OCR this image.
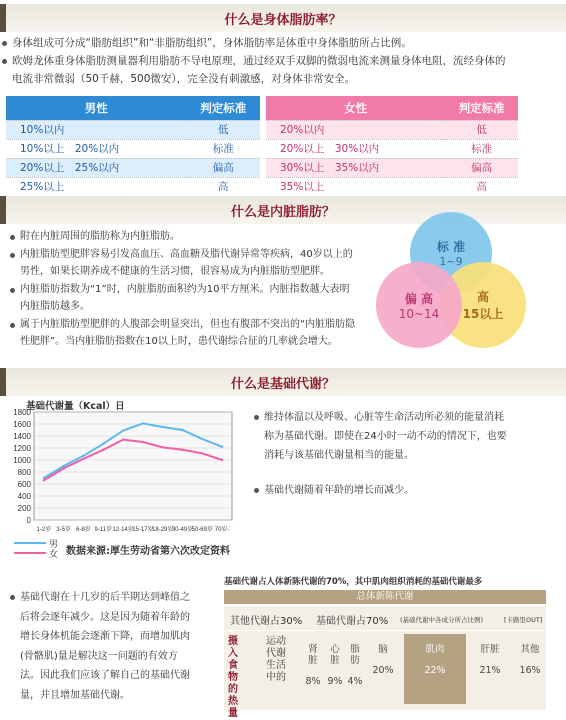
什么是身体脂肪率？
身体组成可分成“脂肪组织”和“非脂肪组织”，身体脂肪率是体重中身体脂肪所占比例。
欧姆龙体重身体脂肪测量器利用脂肪不导电原理，通过经双手双脚的微弱电流来测量身体电阻，流经身体的
电流非常微弱（50千赫，500微安），完全没有刺激感，对身体非常安全。
男性	判定标准
10%以内	低
10%以上　20%以内	标准
20%以上　25%以内	偏高
25%以上	高
女性	判定标准
20%以内	低
20%以上　30%以内	标准
30%以上　35%以内	偏高
35%以上	高
什么是内脏脂肪？
附在内脏周围的脂肪称为内脏脂肪。
内脏脂肪型肥胖容易引发高血压、高血糖及脂代谢异常等疾病，40岁以上的
男性，如果长期养成不健康的生活习惯，很容易成为内脏脂肪型肥胖。
内脏脂肪指数为“1”时，内脏脂肪面积约为10平方厘米。内脏指数越大表明
内脏脂肪越多。
属于内脏脂肪型肥胖的人腹部会明显突出，但也有腹部不突出的“内脏脂肪隐
性肥胖”。当内脏脂肪指数在10以上时，患代谢综合征的几率就会增大。
标 准
1~9
高
15以上
偏 高
10~14
什么是基础代谢？
基础代谢量（Kcal）日
0
200
400
600
800
1000
1200
1400
1600
1800
1-2岁 3-5岁 6-8岁 9-11岁 12-14岁
15-17岁
18-29岁
30-49岁
50-69岁 70岁-
男
女 数据来源:厚生劳动省第六次改定资料
维持体温以及呼吸、心脏等生命活动所必须的能量消耗
称为基础代谢。即使在24小时一动不动的情况下，也要
消耗与该基础代谢量相当的能量。
基础代谢随着年龄的增长而减少。
基础代谢在十几岁的后半期达到峰值之
后将会逐年减少。这是因为随着年龄的
增长身体机能会逐渐下降，而增加肌肉
(骨骼肌)量是解决这一问题的有效方
法。因此我们应该了解自己的基础代谢
量，并且增加基础代谢。
基础代谢占人体新陈代谢的70%，其中肌肉组织消耗的基础代谢最多
总体新陈代谢
其他代谢占30% 基础代谢占70% (基础代谢中各成分所占比例)	[卡路里OUT]
摄入食物的热量
运动代谢生活中的
肾脏
8%
心脏
9%
脂肪
4%
脑
20%
肌肉
22%
肝脏
21%
其他
16%
